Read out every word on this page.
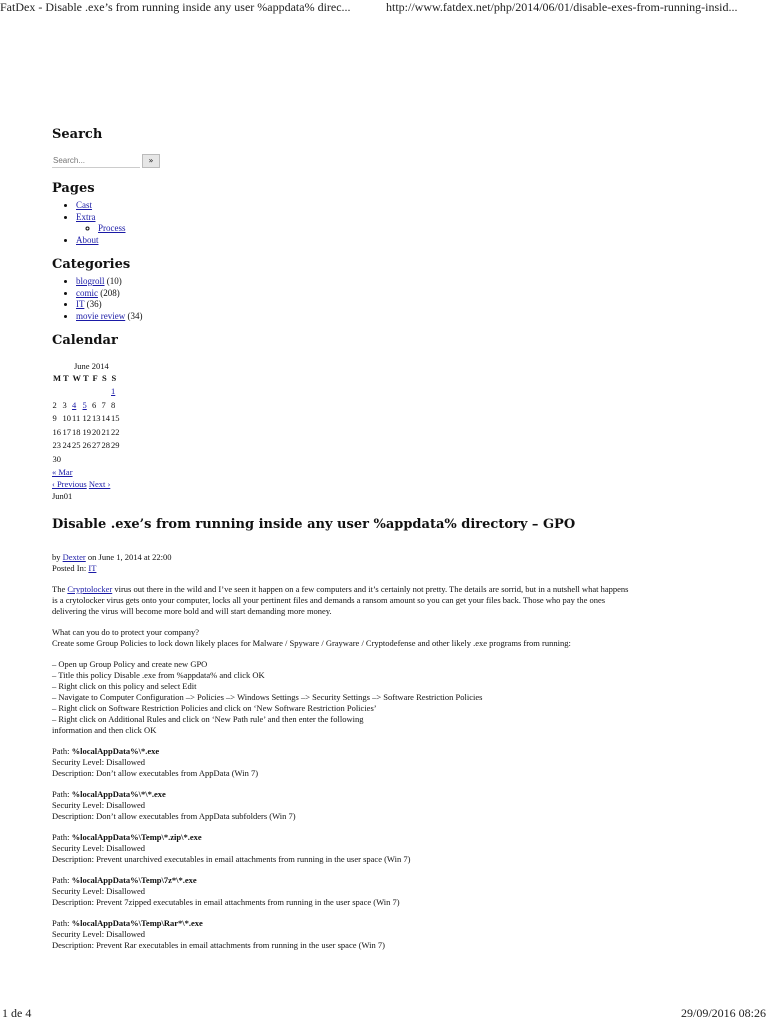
FatDex - Disable .exe’s from running inside any user %appdata% direc...	http://www.fatdex.net/php/2014/06/01/disable-exes-from-running-insid...
Search
Search...
»
Pages
• Cast
• Extra
◦ Process
• About
Categories
• blogroll (10)
• comic (208)
• IT (36)
• movie review (34)
Calendar
June 2014
M	T	W	T	F	S	S
						1
2	3	4	5	6	7	8
9	10	11	12	13	14	15
16	17	18	19	20	21	22
23	24	25	26	27	28	29
30						
« Mar
‹ Previous Next ›
Jun01
Disable .exe’s from running inside any user %appdata% directory – GPO
by Dexter on June 1, 2014 at 22:00
Posted In: IT

The Cryptolocker virus out there in the wild and I’ve seen it happen on a few computers and it’s certainly not pretty. The details are sorrid, but in a nutshell what happens
is a crytolocker virus gets onto your computer, locks all your pertinent files and demands a ransom amount so you can get your files back. Those who pay the ones
delivering the virus will become more bold and will start demanding more money.

What can you do to protect your company?
Create some Group Policies to lock down likely places for Malware / Spyware / Grayware / Cryptodefense and other likely .exe programs from running:

– Open up Group Policy and create new GPO
– Title this policy Disable .exe from %appdata% and click OK
– Right click on this policy and select Edit
– Navigate to Computer Configuration –> Policies –> Windows Settings –> Security Settings –> Software Restriction Policies
– Right click on Software Restriction Policies and click on ‘New Software Restriction Policies’
– Right click on Additional Rules and click on ‘New Path rule’ and then enter the following
information and then click OK

Path: %localAppData%\*.exe
Security Level: Disallowed
Description: Don’t allow executables from AppData (Win 7)

Path: %localAppData%\*\*.exe
Security Level: Disallowed
Description: Don’t allow executables from AppData subfolders (Win 7)

Path: %localAppData%\Temp\*.zip\*.exe
Security Level: Disallowed
Description: Prevent unarchived executables in email attachments from running in the user space (Win 7)

Path: %localAppData%\Temp\7z*\*.exe
Security Level: Disallowed
Description: Prevent 7zipped executables in email attachments from running in the user space (Win 7)

Path: %localAppData%\Temp\Rar*\*.exe
Security Level: Disallowed
Description: Prevent Rar executables in email attachments from running in the user space (Win 7)

1 de 4	29/09/2016 08:26
